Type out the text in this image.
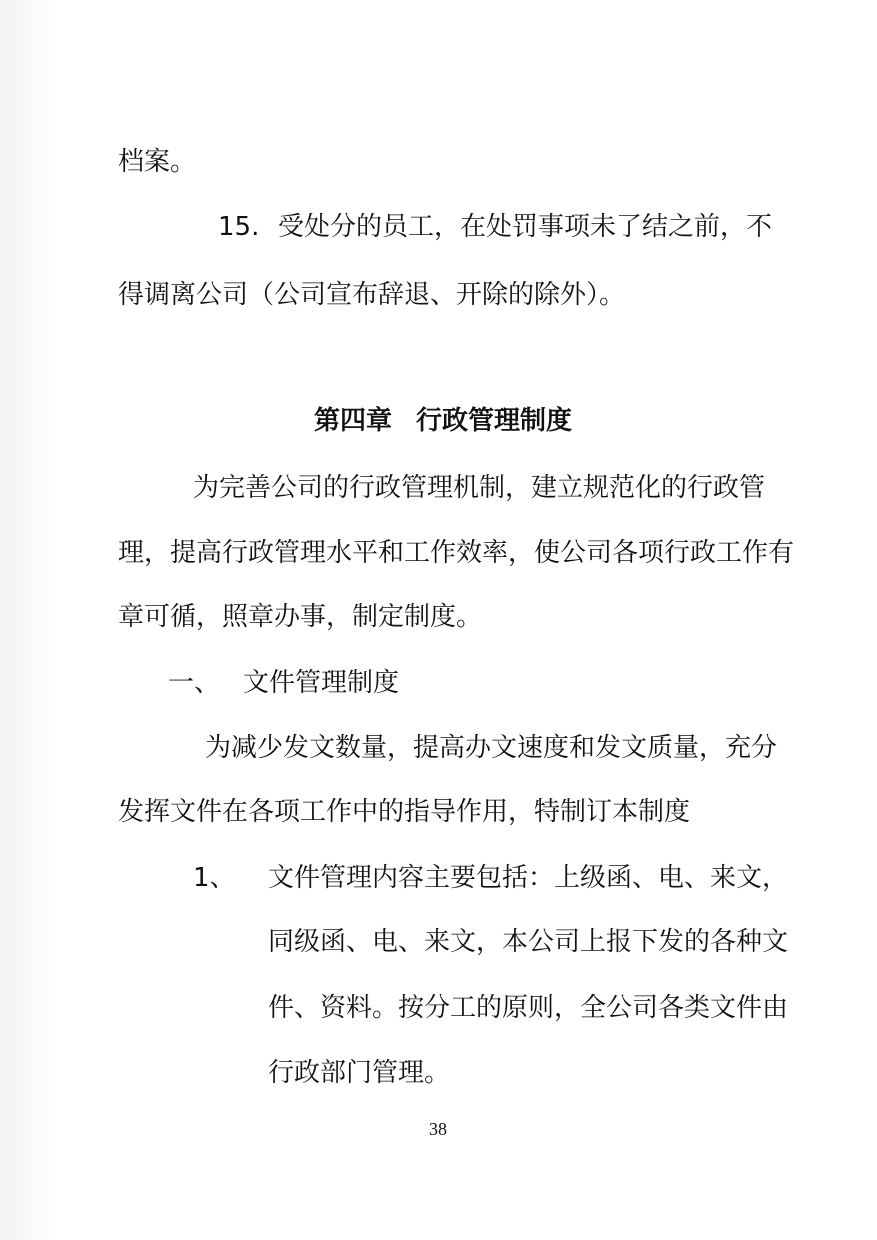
档案。
15. 受处分的员工，在处罚事项未了结之前，不
得调离公司（公司宣布辞退、开除的除外）。
第四章 行政管理制度
为完善公司的行政管理机制，建立规范化的行政管
理，提高行政管理水平和工作效率，使公司各项行政工作有
章可循，照章办事，制定制度。
一、 文件管理制度
为减少发文数量，提高办文速度和发文质量，充分
发挥文件在各项工作中的指导作用，特制订本制度
1、 文件管理内容主要包括：上级函、电、来文，
同级函、电、来文，本公司上报下发的各种文
件、资料。按分工的原则，全公司各类文件由
行政部门管理。
38
